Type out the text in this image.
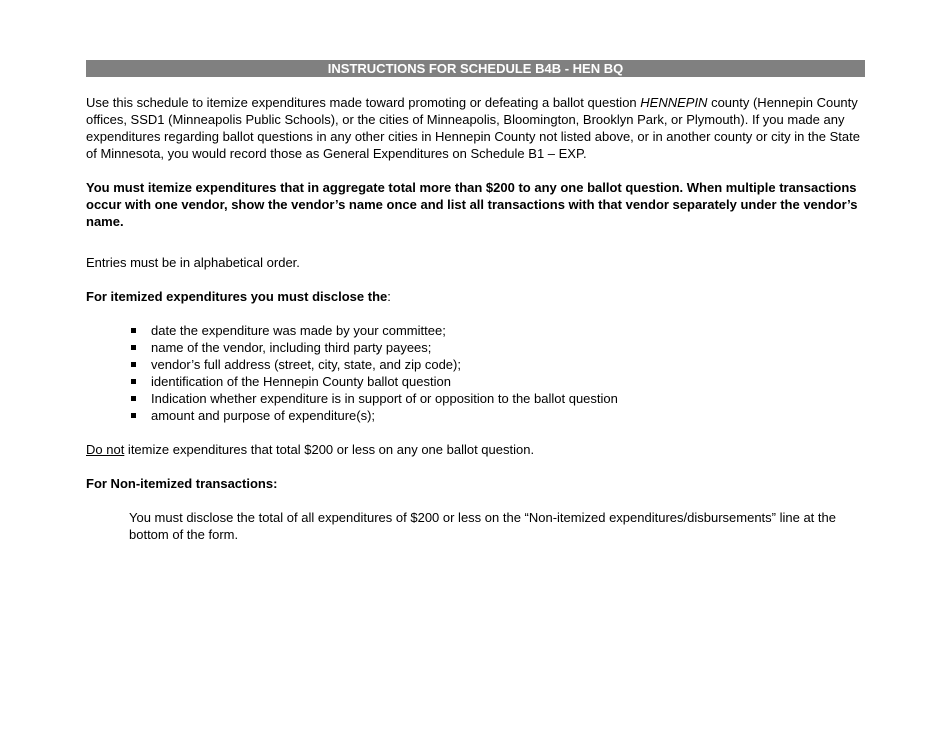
INSTRUCTIONS FOR SCHEDULE B4B - HEN BQ

Use this schedule to itemize expenditures made toward promoting or defeating a ballot question HENNEPIN county (Hennepin County offices, SSD1 (Minneapolis Public Schools), or the cities of Minneapolis, Bloomington, Brooklyn Park, or Plymouth). If you made any expenditures regarding ballot questions in any other cities in Hennepin County not listed above, or in another county or city in the State of Minnesota, you would record those as General Expenditures on Schedule B1 – EXP.

You must itemize expenditures that in aggregate total more than $200 to any one ballot question. When multiple transactions occur with one vendor, show the vendor’s name once and list all transactions with that vendor separately under the vendor’s name.

Entries must be in alphabetical order.

For itemized expenditures you must disclose the:

date the expenditure was made by your committee;
name of the vendor, including third party payees;
vendor’s full address (street, city, state, and zip code);
identification of the Hennepin County ballot question
Indication whether expenditure is in support of or opposition to the ballot question
amount and purpose of expenditure(s);

Do not itemize expenditures that total $200 or less on any one ballot question.

For Non-itemized transactions:

You must disclose the total of all expenditures of $200 or less on the “Non-itemized expenditures/disbursements” line at the bottom of the form.
